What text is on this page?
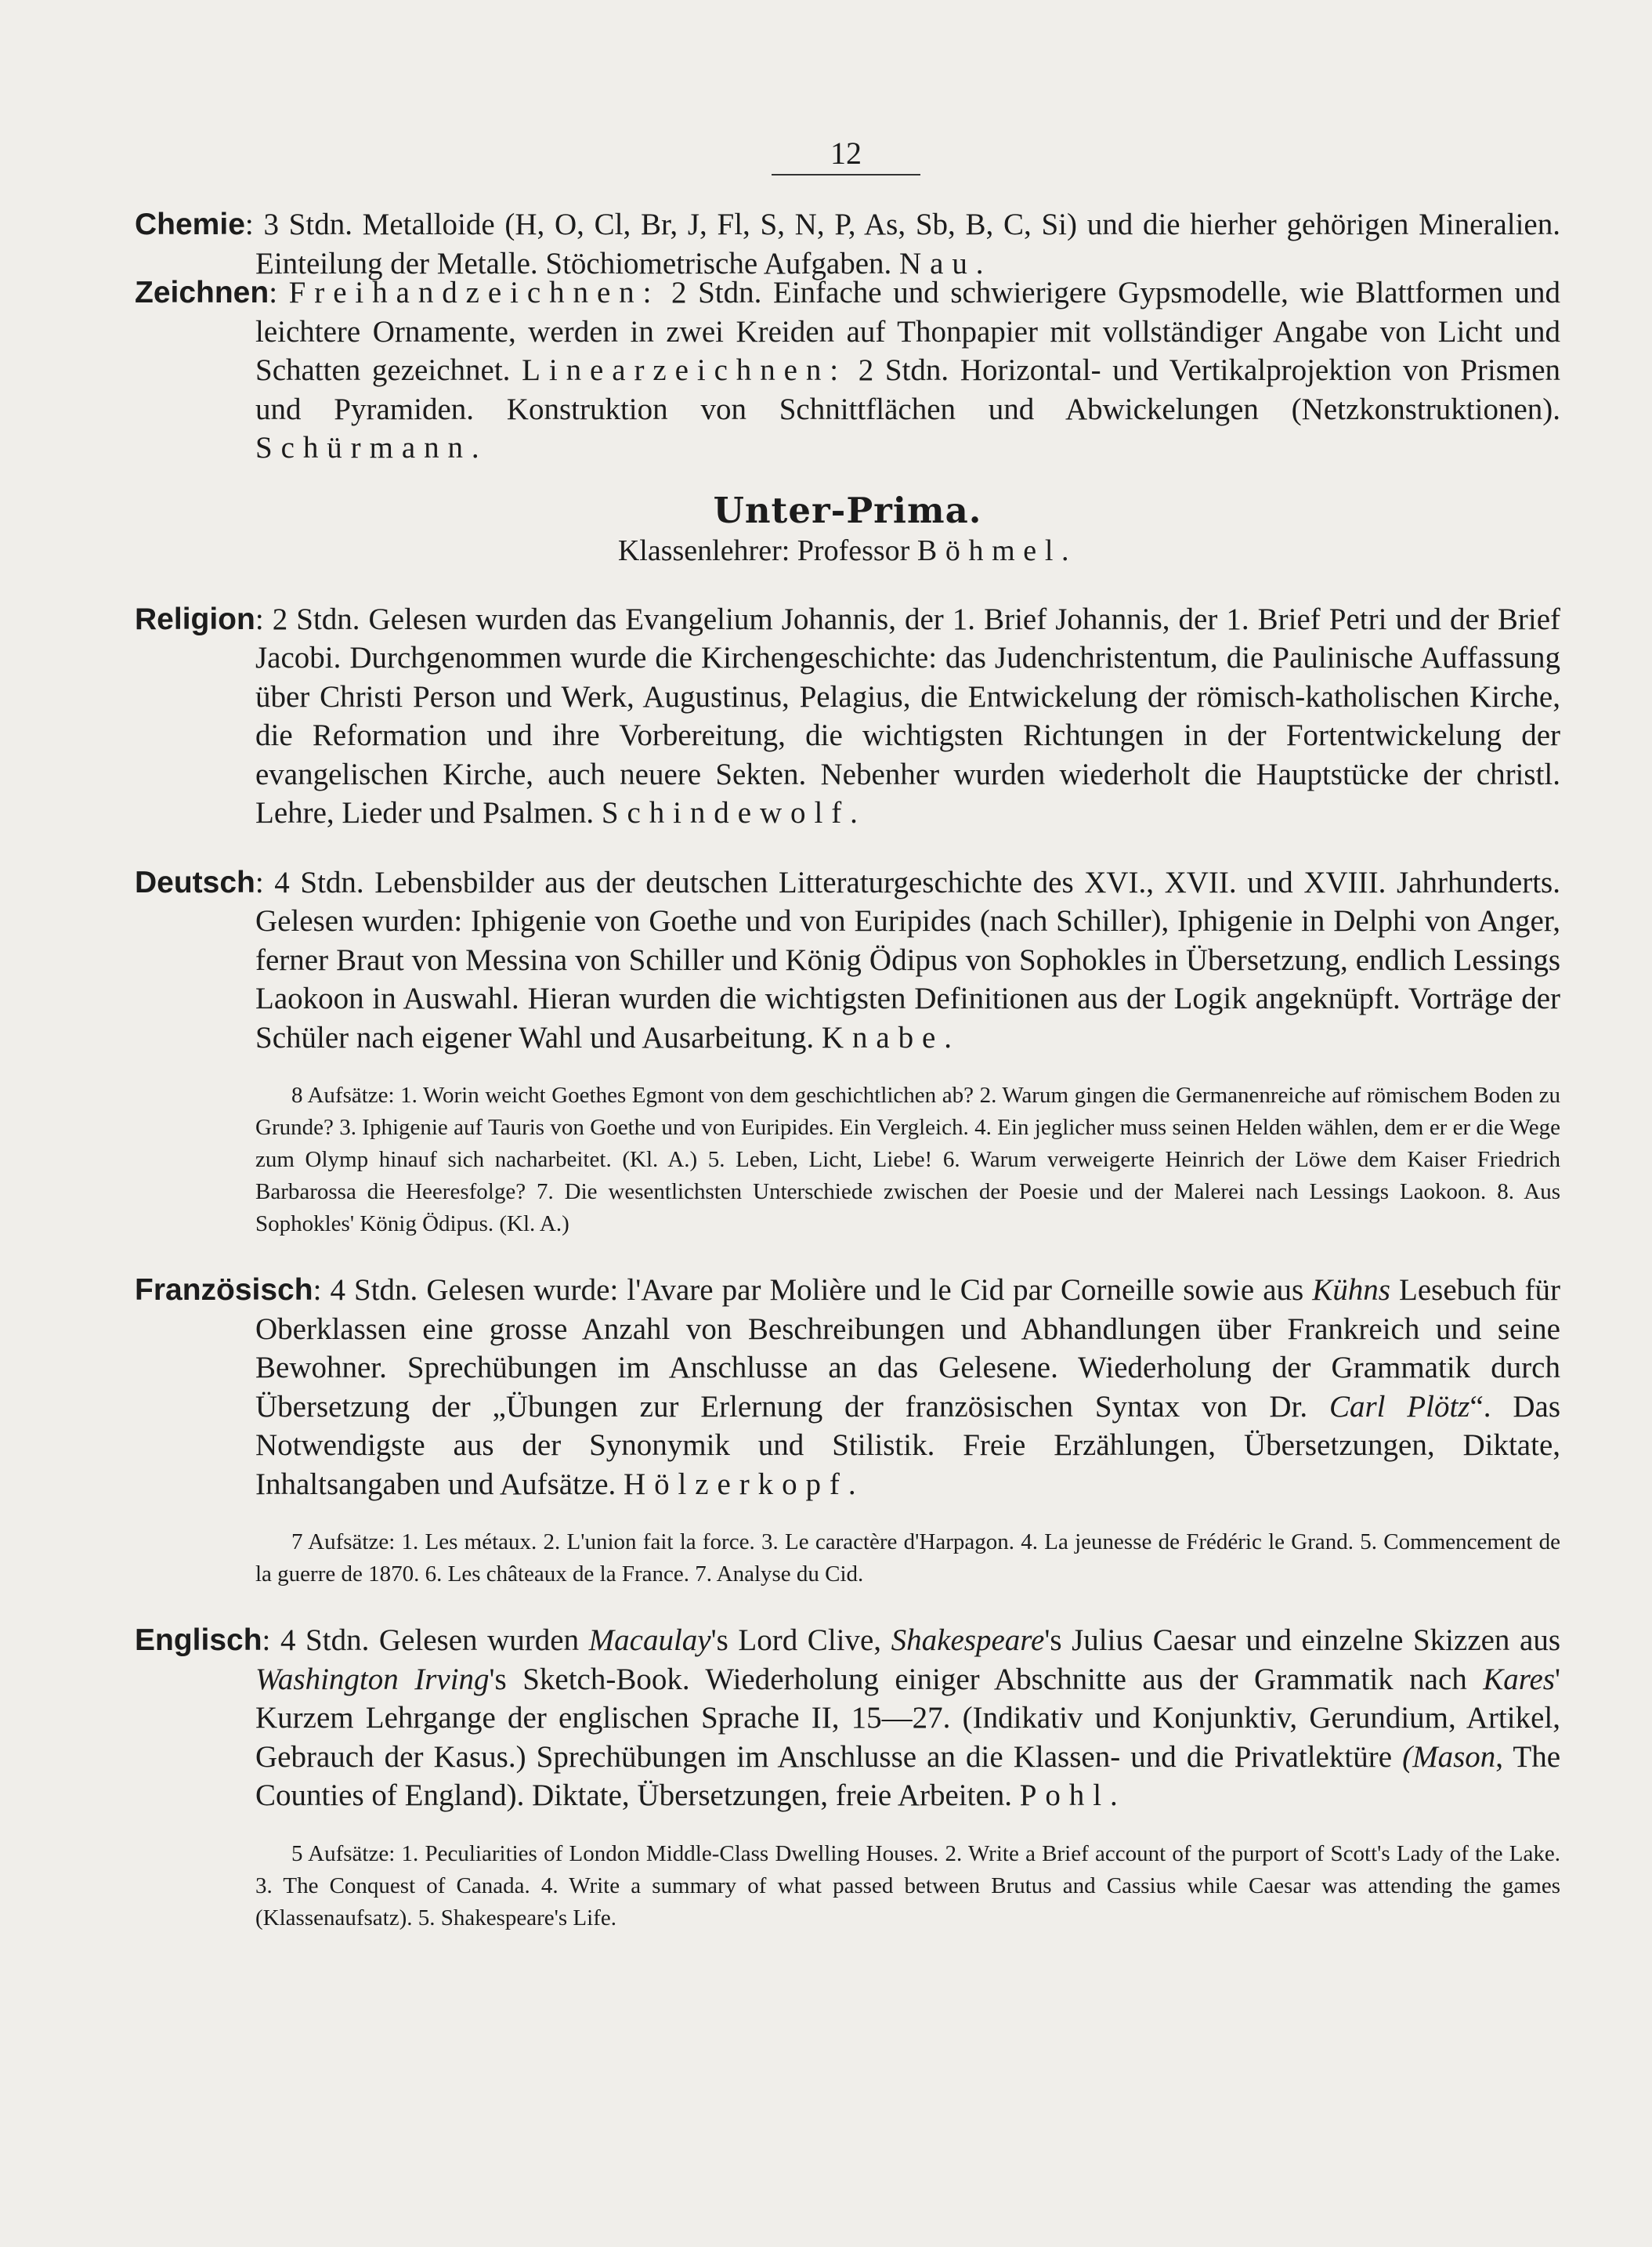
12

Chemie: 3 Stdn. Metalloide (H, O, Cl, Br, J, Fl, S, N, P, As, Sb, B, C, Si) und die hierher gehörigen Mineralien. Einteilung der Metalle. Stöchiometrische Aufgaben. Nau.

Zeichnen: Freihandzeichnen: 2 Stdn. Einfache und schwierigere Gypsmodelle, wie Blattformen und leichtere Ornamente, werden in zwei Kreiden auf Thonpapier mit vollständiger Angabe von Licht und Schatten gezeichnet. Linearzeichnen: 2 Stdn. Horizontal- und Vertikalprojektion von Prismen und Pyramiden. Konstruktion von Schnittflächen und Abwickelungen (Netzkonstruktionen). Schürmann.

Unter-Prima.
Klassenlehrer: Professor Böhmel.

Religion: 2 Stdn. Gelesen wurden das Evangelium Johannis, der 1. Brief Johannis, der 1. Brief Petri und der Brief Jacobi. Durchgenommen wurde die Kirchengeschichte: das Judenchristentum, die Paulinische Auffassung über Christi Person und Werk, Augustinus, Pelagius, die Entwickelung der römisch-katholischen Kirche, die Reformation und ihre Vorbereitung, die wichtigsten Richtungen in der Fortentwickelung der evangelischen Kirche, auch neuere Sekten. Nebenher wurden wiederholt die Hauptstücke der christl. Lehre, Lieder und Psalmen. Schindewolf.

Deutsch: 4 Stdn. Lebensbilder aus der deutschen Litteraturgeschichte des XVI., XVII. und XVIII. Jahrhunderts. Gelesen wurden: Iphigenie von Goethe und von Euripides (nach Schiller), Iphigenie in Delphi von Anger, ferner Braut von Messina von Schiller und König Ödipus von Sophokles in Übersetzung, endlich Lessings Laokoon in Auswahl. Hieran wurden die wichtigsten Definitionen aus der Logik angeknüpft. Vorträge der Schüler nach eigener Wahl und Ausarbeitung. Knabe.

8 Aufsätze: 1. Worin weicht Goethes Egmont von dem geschichtlichen ab? 2. Warum gingen die Germanenreiche auf römischem Boden zu Grunde? 3. Iphigenie auf Tauris von Goethe und von Euripides. Ein Vergleich. 4. Ein jeglicher muss seinen Helden wählen, dem er er die Wege zum Olymp hinauf sich nacharbeitet. (Kl. A.) 5. Leben, Licht, Liebe! 6. Warum verweigerte Heinrich der Löwe dem Kaiser Friedrich Barbarossa die Heeresfolge? 7. Die wesentlichsten Unterschiede zwischen der Poesie und der Malerei nach Lessings Laokoon. 8. Aus Sophokles' König Ödipus. (Kl. A.)

Französisch: 4 Stdn. Gelesen wurde: l'Avare par Molière und le Cid par Corneille sowie aus Kühns Lesebuch für Oberklassen eine grosse Anzahl von Beschreibungen und Abhandlungen über Frankreich und seine Bewohner. Sprechübungen im Anschlusse an das Gelesene. Wiederholung der Grammatik durch Übersetzung der „Übungen zur Erlernung der französischen Syntax von Dr. Carl Plötz“. Das Notwendigste aus der Synonymik und Stilistik. Freie Erzählungen, Übersetzungen, Diktate, Inhaltsangaben und Aufsätze. Hölzerkopf.

7 Aufsätze: 1. Les métaux. 2. L'union fait la force. 3. Le caractère d'Harpagon. 4. La jeunesse de Frédéric le Grand. 5. Commencement de la guerre de 1870. 6. Les châteaux de la France. 7. Analyse du Cid.

Englisch: 4 Stdn. Gelesen wurden Macaulay's Lord Clive, Shakespeare's Julius Caesar und einzelne Skizzen aus Washington Irving's Sketch-Book. Wiederholung einiger Abschnitte aus der Grammatik nach Kares' Kurzem Lehrgange der englischen Sprache II, 15—27. (Indikativ und Konjunktiv, Gerundium, Artikel, Gebrauch der Kasus.) Sprechübungen im Anschlusse an die Klassen- und die Privatlektüre (Mason, The Counties of England). Diktate, Übersetzungen, freie Arbeiten. Pohl.

5 Aufsätze: 1. Peculiarities of London Middle-Class Dwelling Houses. 2. Write a Brief account of the purport of Scott's Lady of the Lake. 3. The Conquest of Canada. 4. Write a summary of what passed between Brutus and Cassius while Caesar was attending the games (Klassenaufsatz). 5. Shakespeare's Life.
